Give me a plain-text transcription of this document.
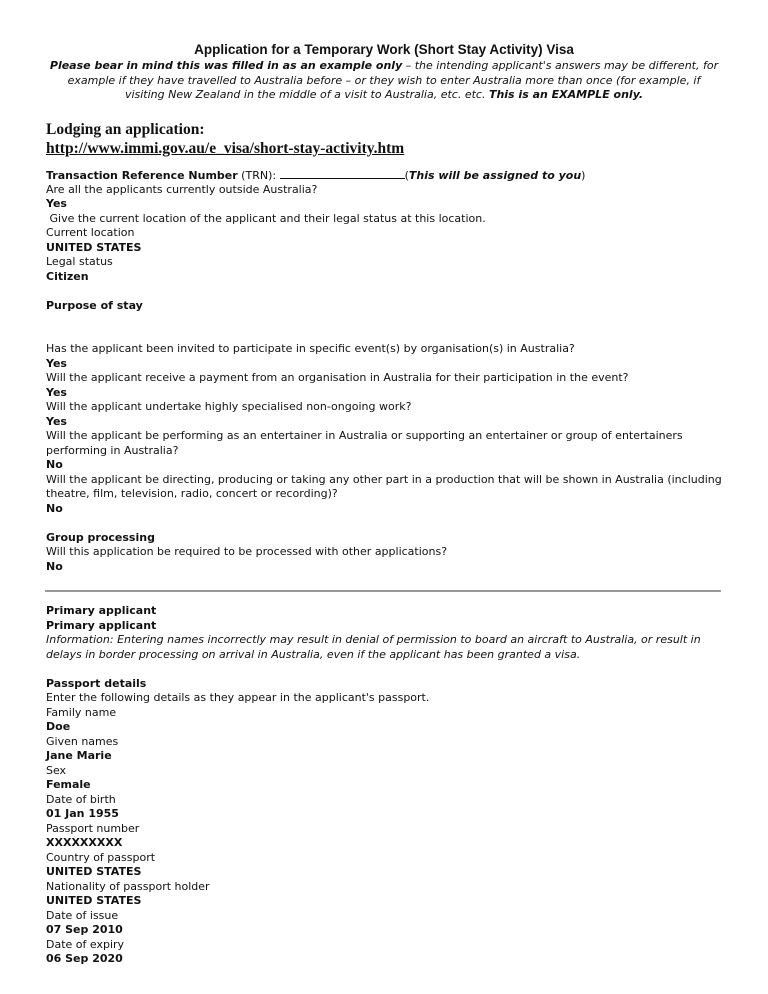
Application for a Temporary Work (Short Stay Activity) Visa
Please bear in mind this was filled in as an example only – the intending applicant's answers may be different, for example if they have travelled to Australia before – or they wish to enter Australia more than once (for example, if visiting New Zealand in the middle of a visit to Australia, etc. etc. This is an EXAMPLE only.
Lodging an application:
http://www.immi.gov.au/e_visa/short-stay-activity.htm
Transaction Reference Number (TRN):	(This will be assigned to you)
Are all the applicants currently outside Australia?
Yes
Give the current location of the applicant and their legal status at this location.
Current location
UNITED STATES
Legal status
Citizen
Purpose of stay
Has the applicant been invited to participate in specific event(s) by organisation(s) in Australia?
Yes
Will the applicant receive a payment from an organisation in Australia for their participation in the event?
Yes
Will the applicant undertake highly specialised non-ongoing work?
Yes
Will the applicant be performing as an entertainer in Australia or supporting an entertainer or group of entertainers performing in Australia?
No
Will the applicant be directing, producing or taking any other part in a production that will be shown in Australia (including theatre, film, television, radio, concert or recording)?
No
Group processing
Will this application be required to be processed with other applications?
No
Primary applicant
Primary applicant
Information: Entering names incorrectly may result in denial of permission to board an aircraft to Australia, or result in delays in border processing on arrival in Australia, even if the applicant has been granted a visa.
Passport details
Enter the following details as they appear in the applicant's passport.
Family name
Doe
Given names
Jane Marie
Sex
Female
Date of birth
01 Jan 1955
Passport number
XXXXXXXXX
Country of passport
UNITED STATES
Nationality of passport holder
UNITED STATES
Date of issue
07 Sep 2010
Date of expiry
06 Sep 2020
